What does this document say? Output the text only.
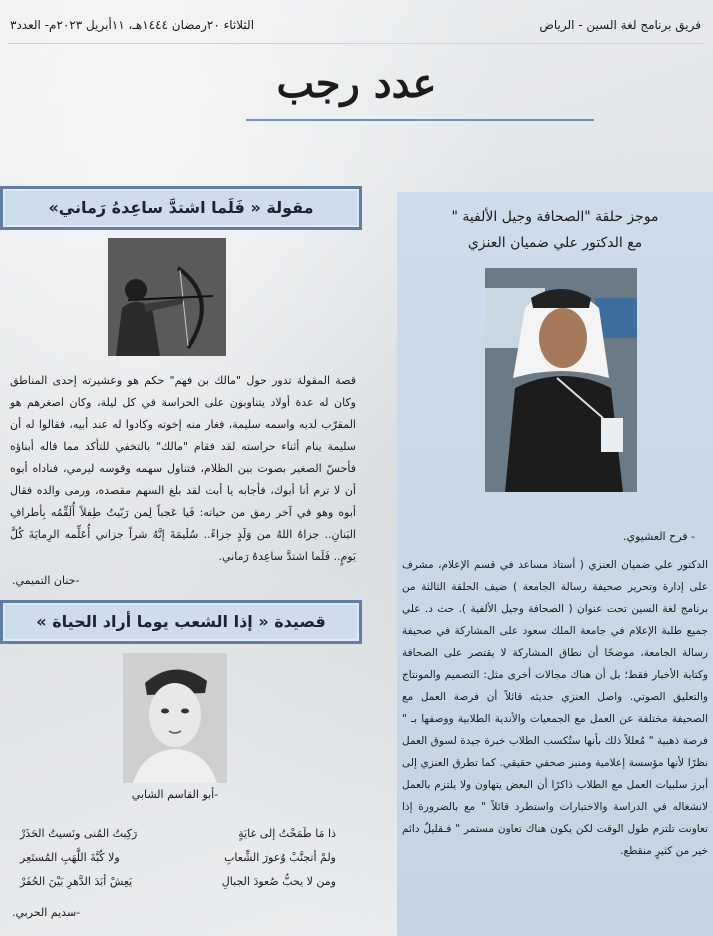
الثلاثاء ٢٠رمضان ١٤٤٤هـ، ١١أبريل ٢٠٢٣م- العدد٣	فريق برنامج لغة السين - الرياض
عدد رجب
مقولة « فَلَما اشتدَّ ساعِدهُ رَماني»
قصة المقولة تدور حول "مالك بن فهم" حكم هو وعشيرته إحدى المناطق وكان له عدة أولاد يتناوبون على الحراسة في كل ليلة، وكان اصغرهم هو المقرّب لديه واسمه سليمة، فغار منه إخوته وكادوا له عند أبيه، فقالوا له أن سليمة ينام أثناء حراسته لقد فقام "مالك" بالتخفي للتأكد مما قاله أبناؤه فأحسّ الصغير بصوت بين الظلام، فتناول سهمه وقوسه ليرمي، فناداه أبوه أن لا ترم أنا أبوك، فأجابه يا أبت لقد بلغ السهم مقصده، ورمى والده فقال أبوه وهو في آخر رمق من حياته: فَيا عَجباً لِمن رَبّيتُ طِفلاً أُلَقِّمُه بِأطرافِ البَنانِ.. جزاهُ اللهُ من وَلَدٍ جزاءً.. سُلَيمَةَ إنَّهُ شراً جزاني أُعَلِّمه الرِمايَةَ كُلَّ يَومٍ.. فَلَما اشتدَّ ساعِدهُ رَماني.
-حنان التميمي.
قصيدة « إذا الشعب يوما أراد الحياة »
-أبو القاسم الشابي
ذا مَا طَمَحْتُ إلى غايَةٍ
رَكِبتُ المُنى ونَسيتُ الحَذَرْ
ولمْ أتجنَّبْ وُعورَ الشِّعابِ
ولا كُبَّةَ اللَّهَبِ المُستَعِر
ومن لا يحبُّ صُعودَ الجبالِ
يَعِشْ أبَدَ الدَّهرِ بَيْنَ الحُفَرْ
-سديم الحربي.
موجز حلقة "الصحافة وجيل الألفية "
مع الدكتور علي ضميان العنزي
- فرح العشيوي.
الدكتور علي ضميان العنزي ( أستاذ مساعد في قسم الإعلام، مشرف على إدارة وتحرير صحيفة رسالة الجامعة ) ضيف الحلقة الثالثة من برنامج لغة السين تحت عنوان ( الصحافة وجيل الألفية ). حث د. علي جميع طلبة الإعلام في جامعة الملك سعود على المشاركة في صحيفة رسالة الجامعة، موضحًا أن نطاق المشاركة لا يقتصر على الصحافة وكتابة الأخبار فقط؛ بل أن هناك مجالات أخرى مثل: التصميم والمونتاج والتعليق الصوتي. واصل العنزي حديثه قائلاً أن فرصة العمل مع الصحيفة مختلفة عن العمل مع الجمعيات والأندية الطلابية ووصفها بـ " فرصة ذهبية " مُعللاً ذلك بأنها ستُكسب الطلاب خبرة جيدة لسوق العمل نظرًا لأنها مؤسسة إعلامية ومنبر صحفي حقيقي. كما تطرق العنزي إلى أبرز سلبيات العمل مع الطلاب ذاكرًا أن البعض يتهاون ولا يلتزم بالعمل لانشغاله في الدراسة والاختبارات واستطرد قائلاً " مع بالضرورة إذا تعاونت تلتزم طول الوقت لكن يكون هناك تعاون مستمر " فـقليلٌ دائم خير من كثيرٍ منقطع.
